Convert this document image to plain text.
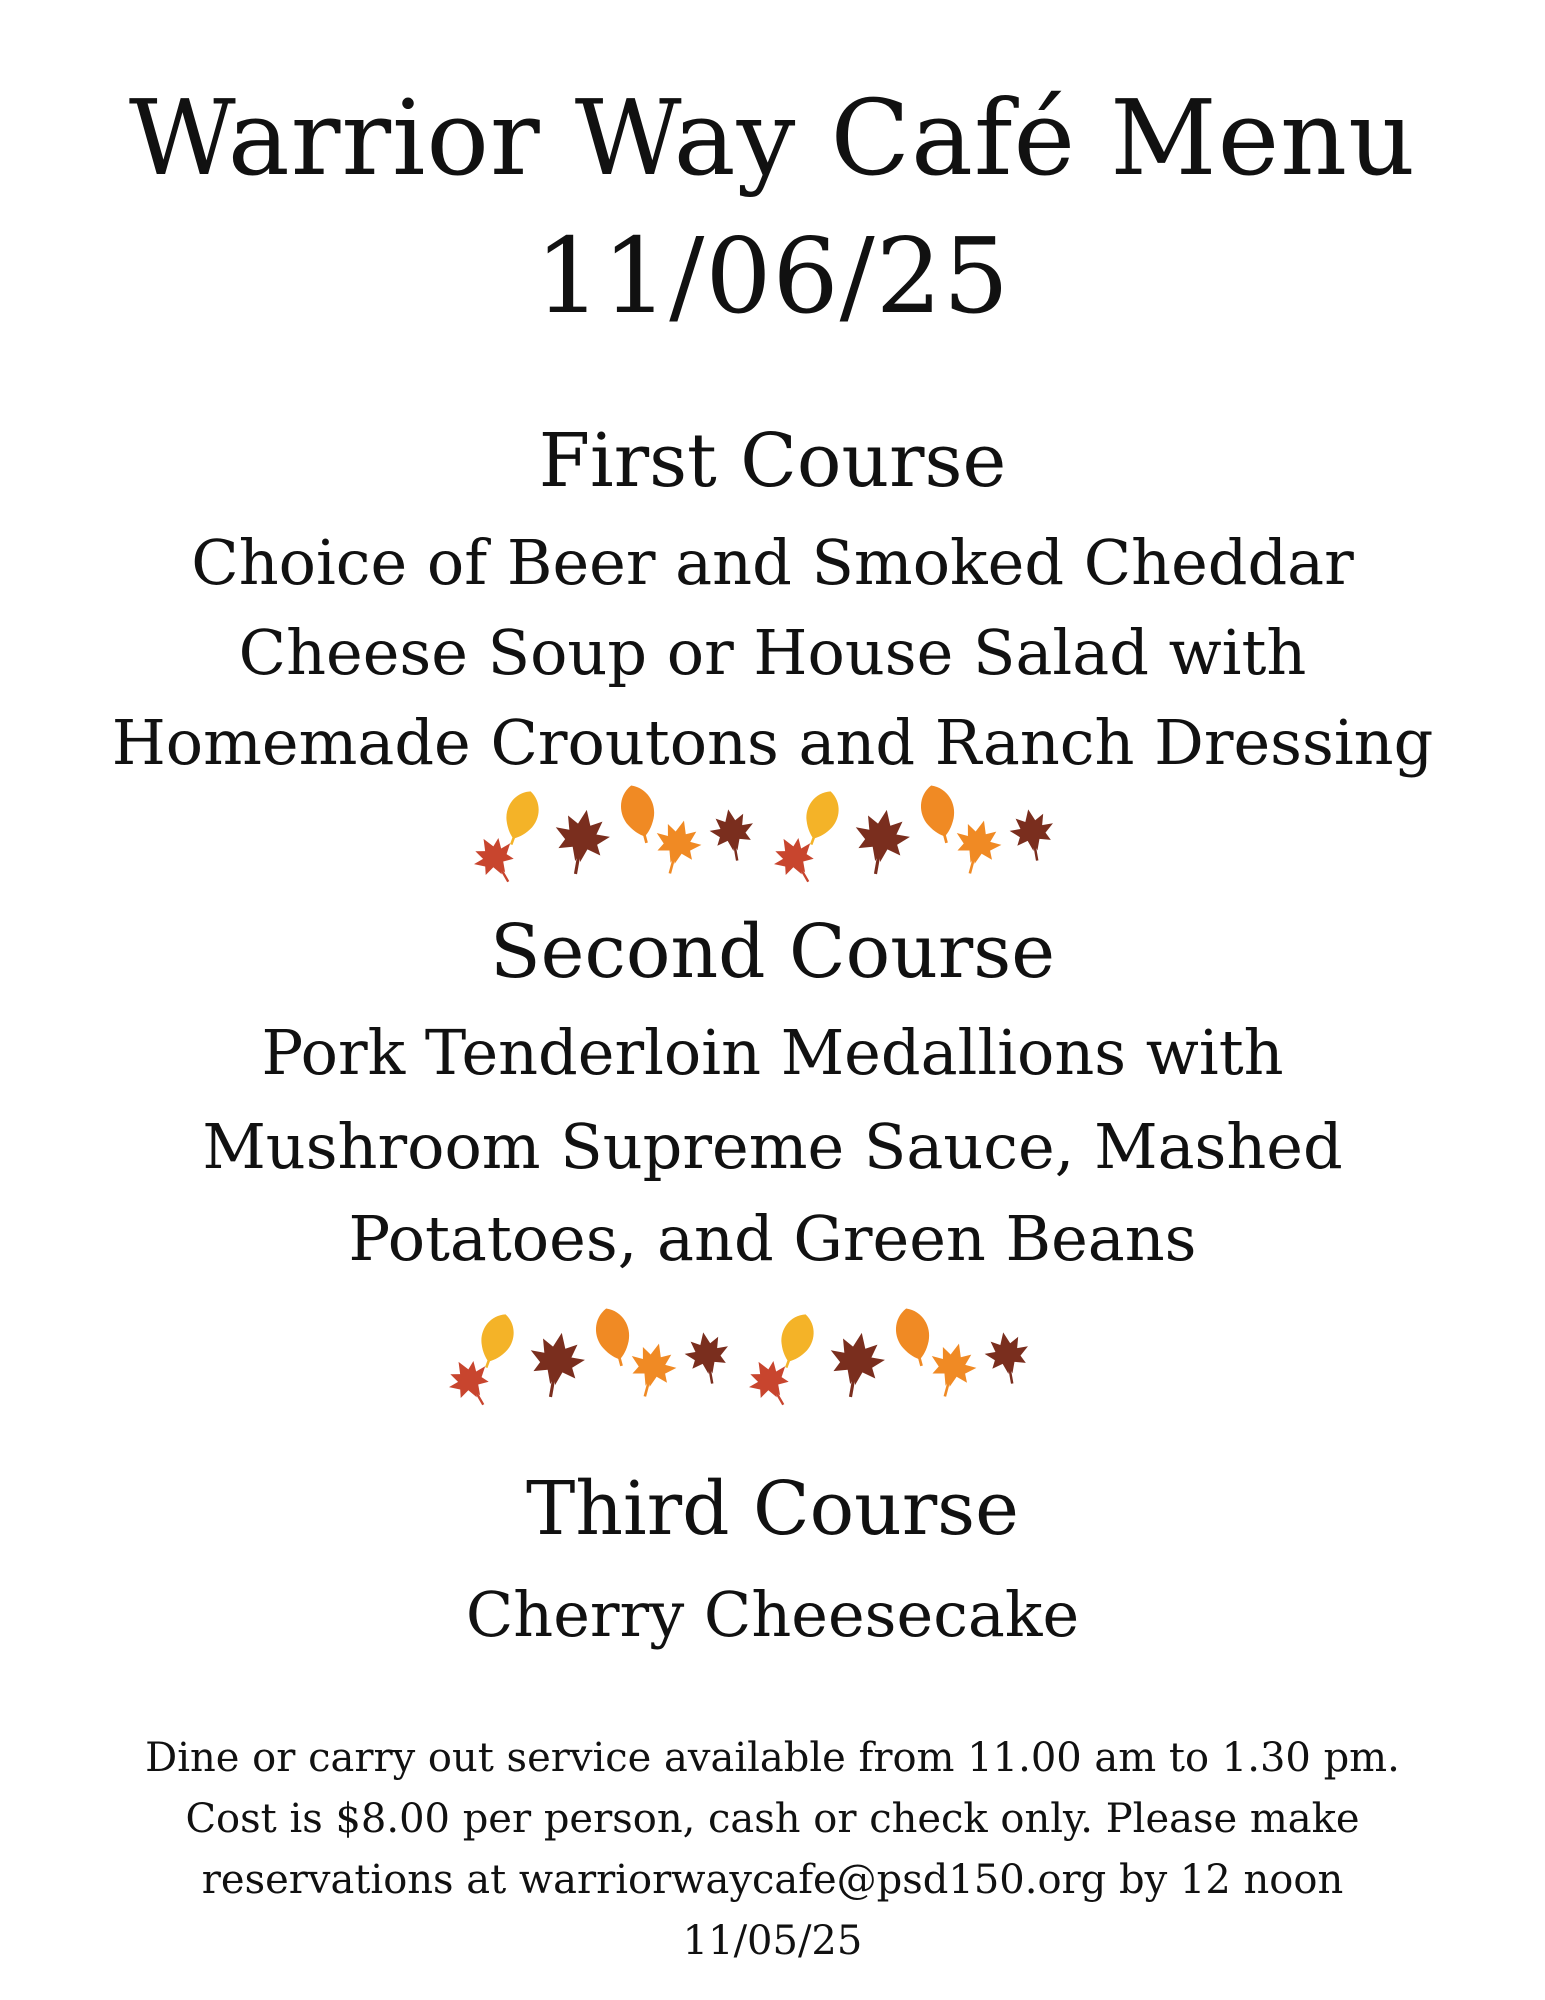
Warrior Way Café Menu
11/06/25
First Course
Choice of Beer and Smoked Cheddar
Cheese Soup or House Salad with
Homemade Croutons and Ranch Dressing
Second Course
Pork Tenderloin Medallions with
Mushroom Supreme Sauce, Mashed
Potatoes, and Green Beans
Third Course
Cherry Cheesecake
Dine or carry out service available from 11.00 am to 1.30 pm.
Cost is $8.00 per person, cash or check only. Please make
reservations at warriorwaycafe@psd150.org by 12 noon
11/05/25
